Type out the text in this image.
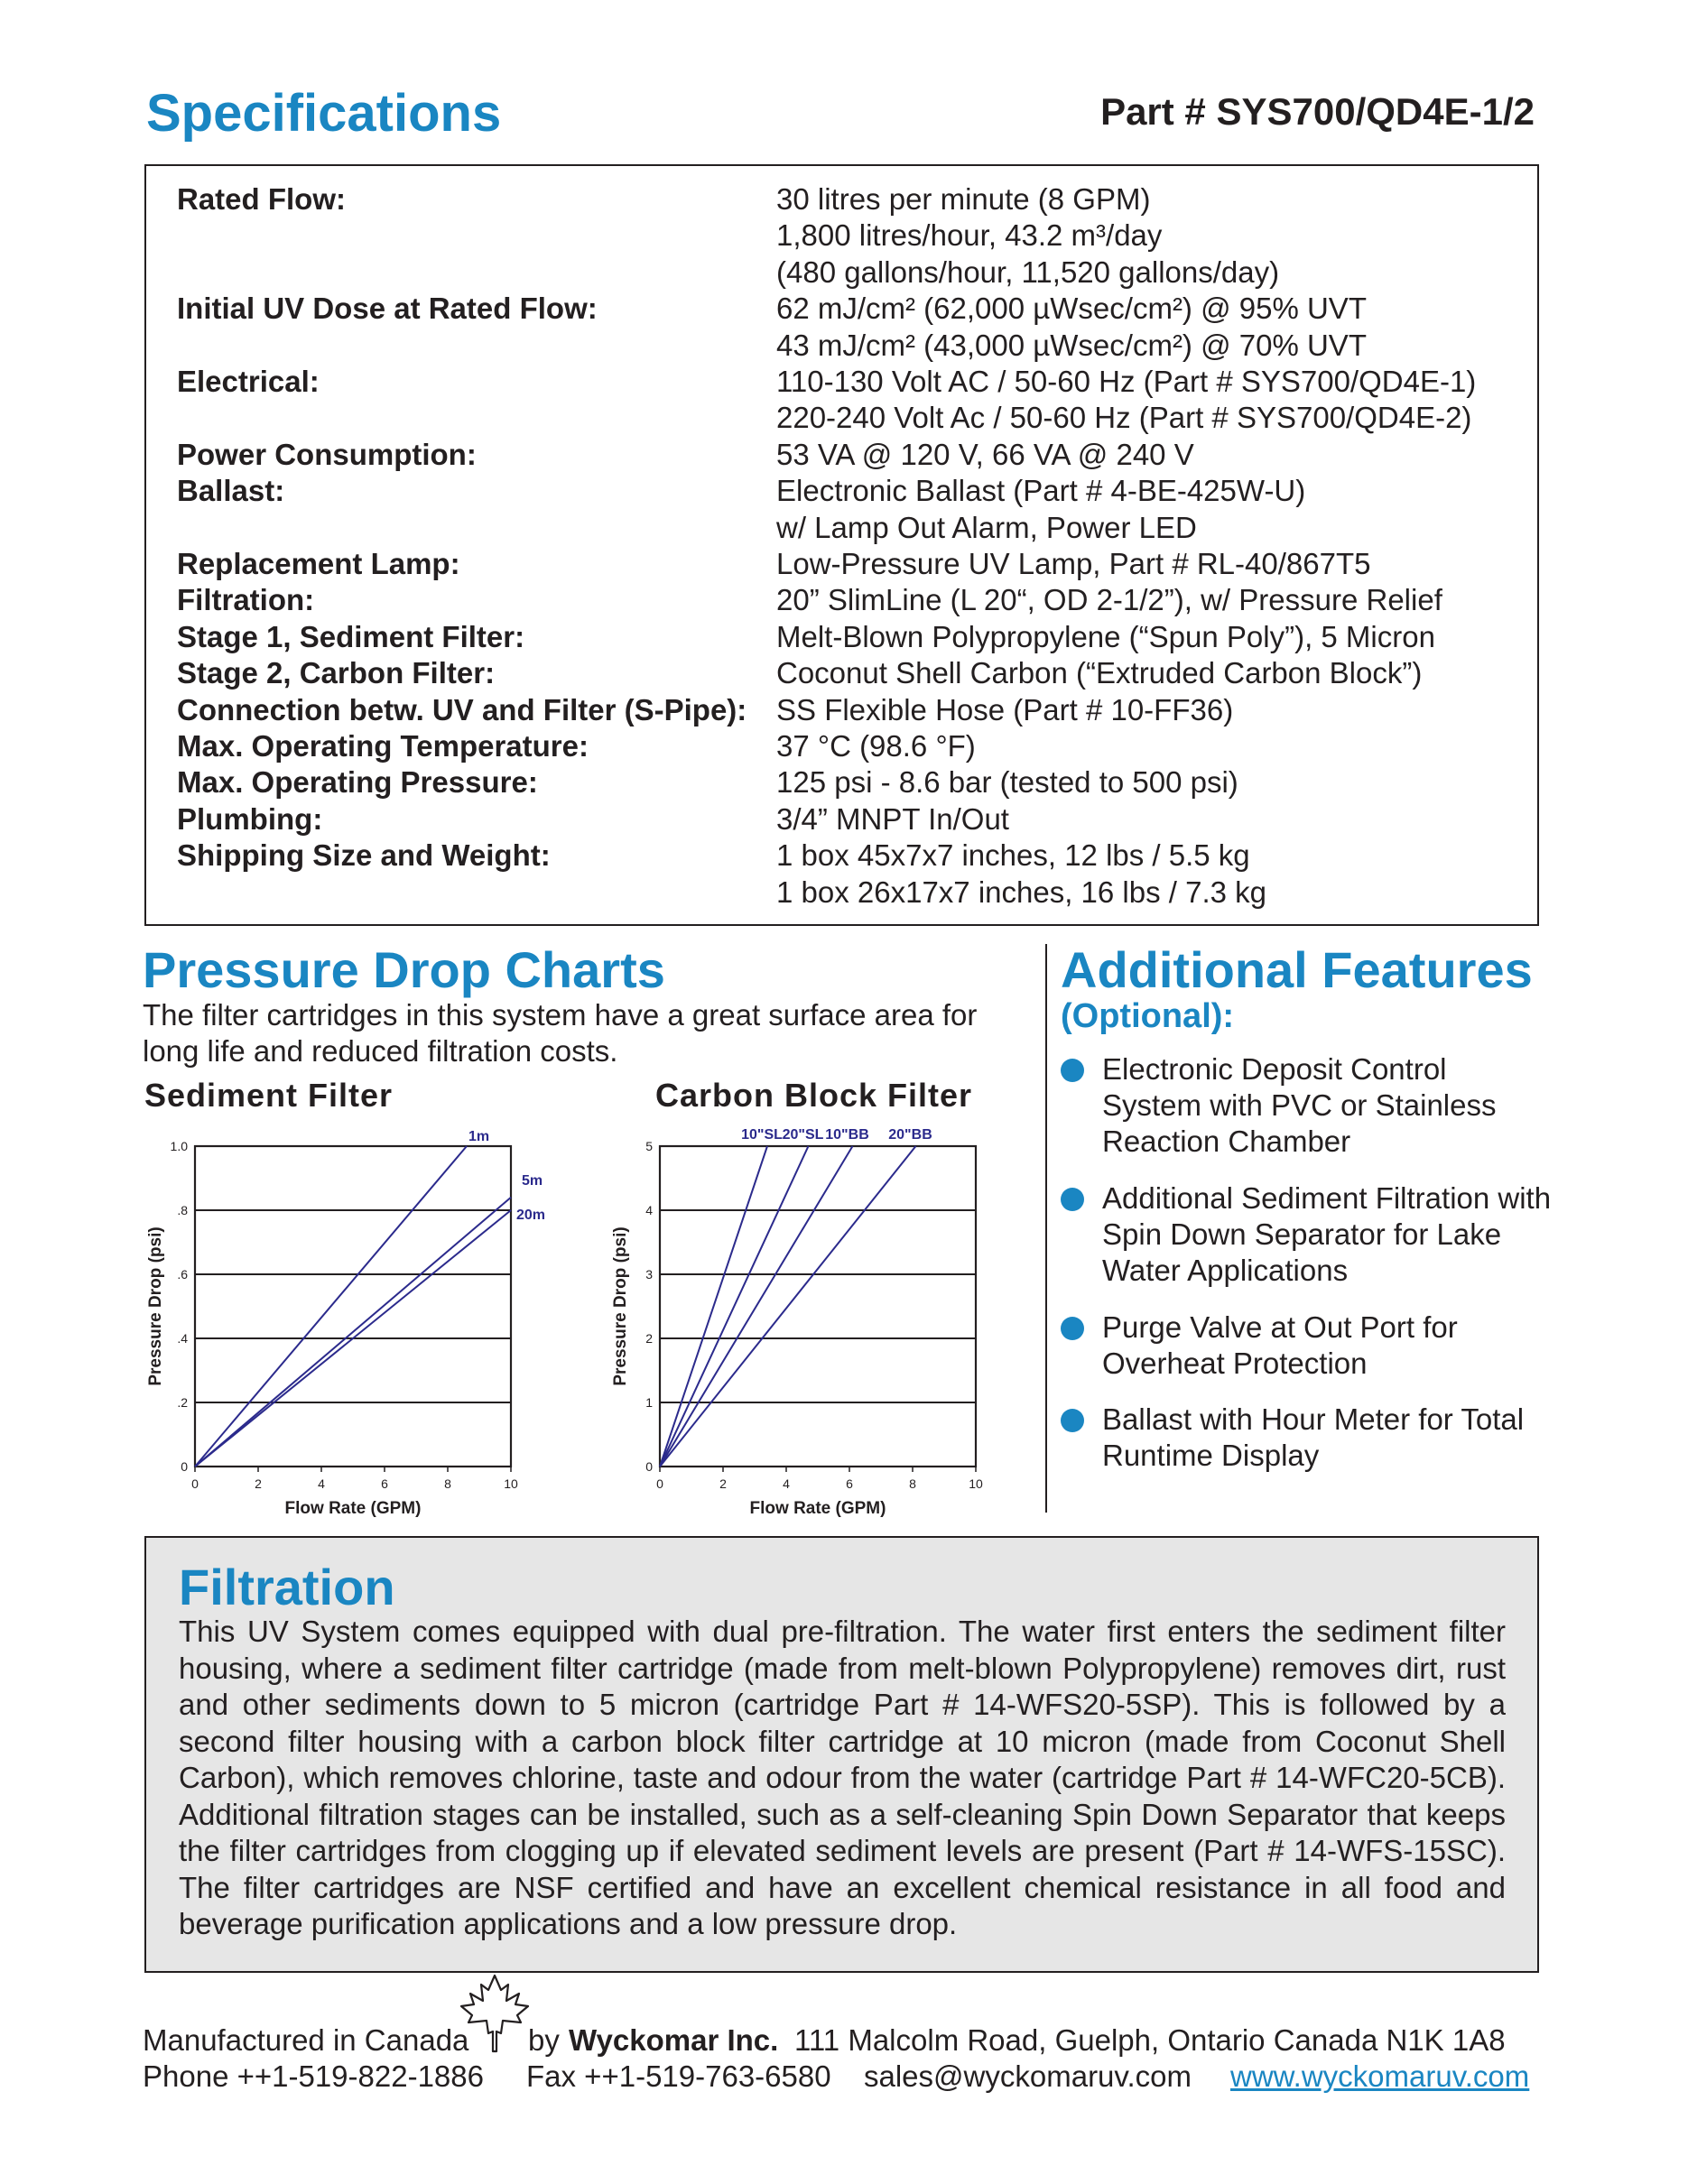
Specifications	Part # SYS700/QD4E-1/2
Rated Flow:	30 litres per minute (8 GPM)
1,800 litres/hour, 43.2 m³/day
(480 gallons/hour, 11,520 gallons/day)
Initial UV Dose at Rated Flow:	62 mJ/cm² (62,000 µWsec/cm²) @ 95% UVT
43 mJ/cm² (43,000 µWsec/cm²) @ 70% UVT
Electrical:	110-130 Volt AC / 50-60 Hz (Part # SYS700/QD4E-1)
220-240 Volt Ac / 50-60 Hz (Part # SYS700/QD4E-2)
Power Consumption:	53 VA @ 120 V, 66 VA @ 240 V
Ballast:	Electronic Ballast (Part # 4-BE-425W-U)
w/ Lamp Out Alarm, Power LED
Replacement Lamp:	Low-Pressure UV Lamp, Part # RL-40/867T5
Filtration:	20” SlimLine (L 20“, OD 2-1/2”), w/ Pressure Relief
Stage 1, Sediment Filter:	Melt-Blown Polypropylene (“Spun Poly”), 5 Micron
Stage 2, Carbon Filter:	Coconut Shell Carbon (“Extruded Carbon Block”)
Connection betw. UV and Filter (S-Pipe): SS Flexible Hose (Part # 10-FF36)
Max. Operating Temperature:	37 °C (98.6 °F)
Max. Operating Pressure:	125 psi - 8.6 bar (tested to 500 psi)
Plumbing:	3/4” MNPT In/Out
Shipping Size and Weight:	1 box 45x7x7 inches, 12 lbs / 5.5 kg
1 box 26x17x7 inches, 16 lbs / 7.3 kg
Pressure Drop Charts
The filter cartridges in this system have a great surface area for long life and reduced filtration costs.
Sediment Filter	Carbon Block Filter
0
.2
.4
.6
.8
1.0
0	2	4	6	8	10
Flow Rate (GPM)
Pressure Drop (psi)
1m
5m
20m
0
1
2
3
4
5
0	2	4	6	8	10
Flow Rate (GPM)
Pressure Drop (psi)
10"SL 20"SL 10"BB 20"BB
Additional Features
(Optional):
Electronic Deposit Control System with PVC or Stainless Reaction Chamber
Additional Sediment Filtration with Spin Down Separator for Lake Water Applications
Purge Valve at Out Port for Overheat Protection
Ballast with Hour Meter for Total Runtime Display
Filtration
This UV System comes equipped with dual pre-filtration. The water first enters the sediment filter housing, where a sediment filter cartridge (made from melt-blown Polypropylene) removes dirt, rust and other sediments down to 5 micron (cartridge Part # 14-WFS20-5SP). This is followed by a second filter housing with a carbon block filter cartridge at 10 micron (made from Coconut Shell Carbon), which removes chlorine, taste and odour from the water (cartridge Part # 14-WFC20-5CB). Additional filtration stages can be installed, such as a self-cleaning Spin Down Separator that keeps the filter cartridges from clogging up if elevated sediment levels are present (Part # 14-WFS-15SC). The filter cartridges are NSF certified and have an excellent chemical resistance in all food and beverage purification applications and a low pressure drop.
Manufactured in Canada by Wyckomar Inc. 111 Malcolm Road, Guelph, Ontario Canada N1K 1A8
Phone ++1-519-822-1886 Fax ++1-519-763-6580 sales@wyckomaruv.com www.wyckomaruv.com
